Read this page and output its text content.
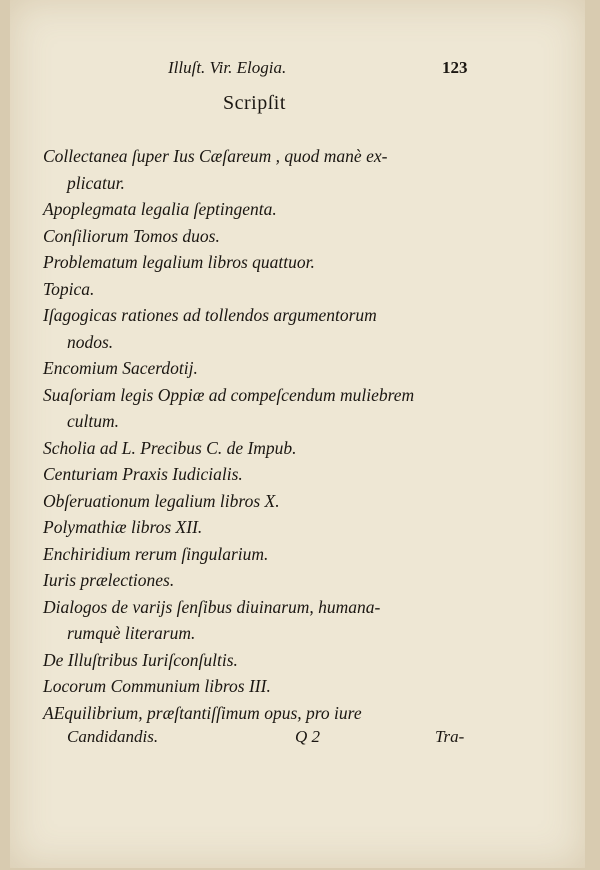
Illuſt. Vir. Elogia.	123
Scripſit
Collectanea ſuper Ius Cæſareum , quod manè ex-
plicatur.
Apoplegmata legalia ſeptingenta.
Conſiliorum Tomos duos.
Problematum legalium libros quattuor.
Topica.
Iſagogicas rationes ad tollendos argumentorum
nodos.
Encomium Sacerdotij.
Suaſoriam legis Oppiæ ad compeſcendum muliebrem
cultum.
Scholia ad L. Precibus C. de Impub.
Centuriam Praxis Iudicialis.
Obſeruationum legalium libros X.
Polymathiæ libros XII.
Enchiridium rerum ſingularium.
Iuris prælectiones.
Dialogos de varijs ſenſibus diuinarum, humana-
rumquè literarum.
De Illuſtribus Iuriſconſultis.
Locorum Communium libros III.
AEquilibrium, præſtantiſſimum opus, pro iure
Candidandis.	Q 2	Tra-
